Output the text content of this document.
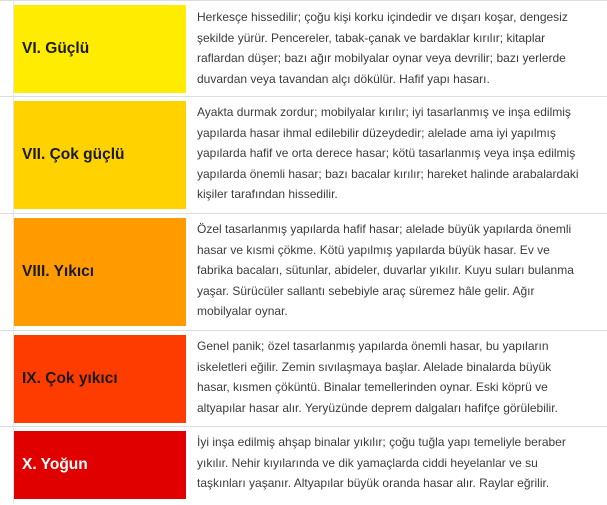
VI. Güçlü
Herkesçe hissedilir; çoğu kişi korku içindedir ve dışarı koşar, dengesiz
şekilde yürür. Pencereler, tabak-çanak ve bardaklar kırılır; kitaplar
raflardan düşer; bazı ağır mobilyalar oynar veya devrilir; bazı yerlerde
duvardan veya tavandan alçı dökülür. Hafif yapı hasarı.
VII. Çok güçlü
Ayakta durmak zordur; mobilyalar kırılır; iyi tasarlanmış ve inşa edilmiş
yapılarda hasar ihmal edilebilir düzeydedir; alelade ama iyi yapılmış
yapılarda hafif ve orta derece hasar; kötü tasarlanmış veya inşa edilmiş
yapılarda önemli hasar; bazı bacalar kırılır; hareket halinde arabalardaki
kişiler tarafından hissedilir.
VIII. Yıkıcı
Özel tasarlanmış yapılarda hafif hasar; alelade büyük yapılarda önemli
hasar ve kısmi çökme. Kötü yapılmış yapılarda büyük hasar. Ev ve
fabrika bacaları, sütunlar, abideler, duvarlar yıkılır. Kuyu suları bulanma
yaşar. Sürücüler sallantı sebebiyle araç süremez hâle gelir. Ağır
mobilyalar oynar.
IX. Çok yıkıcı
Genel panik; özel tasarlanmış yapılarda önemli hasar, bu yapıların
iskeletleri eğilir. Zemin sıvılaşmaya başlar. Alelade binalarda büyük
hasar, kısmen çöküntü. Binalar temellerinden oynar. Eski köprü ve
altyapılar hasar alır. Yeryüzünde deprem dalgaları hafifçe görülebilir.
X. Yoğun
İyi inşa edilmiş ahşap binalar yıkılır; çoğu tuğla yapı temeliyle beraber
yıkılır. Nehir kıyılarında ve dik yamaçlarda ciddi heyelanlar ve su
taşkınları yaşanır. Altyapılar büyük oranda hasar alır. Raylar eğrilir.
